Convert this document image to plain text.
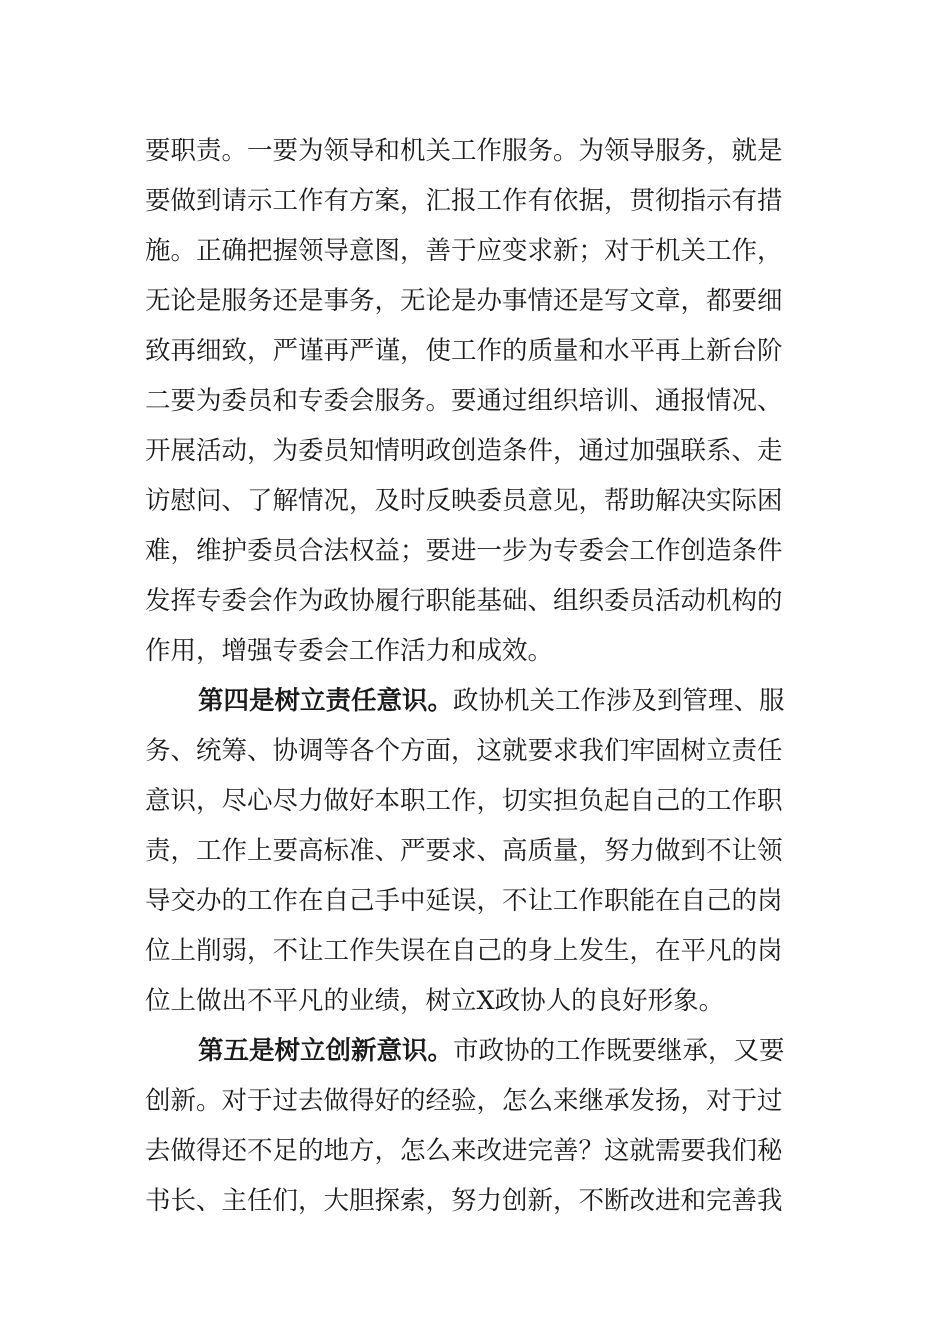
要职责。一要为领导和机关工作服务。为领导服务，就是
要做到请示工作有方案，汇报工作有依据，贯彻指示有措
施。正确把握领导意图，善于应变求新；对于机关工作，
无论是服务还是事务，无论是办事情还是写文章，都要细
致再细致，严谨再严谨，使工作的质量和水平再上新台阶
二要为委员和专委会服务。要通过组织培训、通报情况、
开展活动，为委员知情明政创造条件，通过加强联系、走
访慰问、了解情况，及时反映委员意见，帮助解决实际困
难，维护委员合法权益；要进一步为专委会工作创造条件
发挥专委会作为政协履行职能基础、组织委员活动机构的
作用，增强专委会工作活力和成效。
第四是树立责任意识。政协机关工作涉及到管理、服
务、统筹、协调等各个方面，这就要求我们牢固树立责任
意识，尽心尽力做好本职工作，切实担负起自己的工作职
责，工作上要高标准、严要求、高质量，努力做到不让领
导交办的工作在自己手中延误，不让工作职能在自己的岗
位上削弱，不让工作失误在自己的身上发生，在平凡的岗
位上做出不平凡的业绩，树立X政协人的良好形象。
第五是树立创新意识。市政协的工作既要继承，又要
创新。对于过去做得好的经验，怎么来继承发扬，对于过
去做得还不足的地方，怎么来改进完善？这就需要我们秘
书长、主任们，大胆探索，努力创新，不断改进和完善我
